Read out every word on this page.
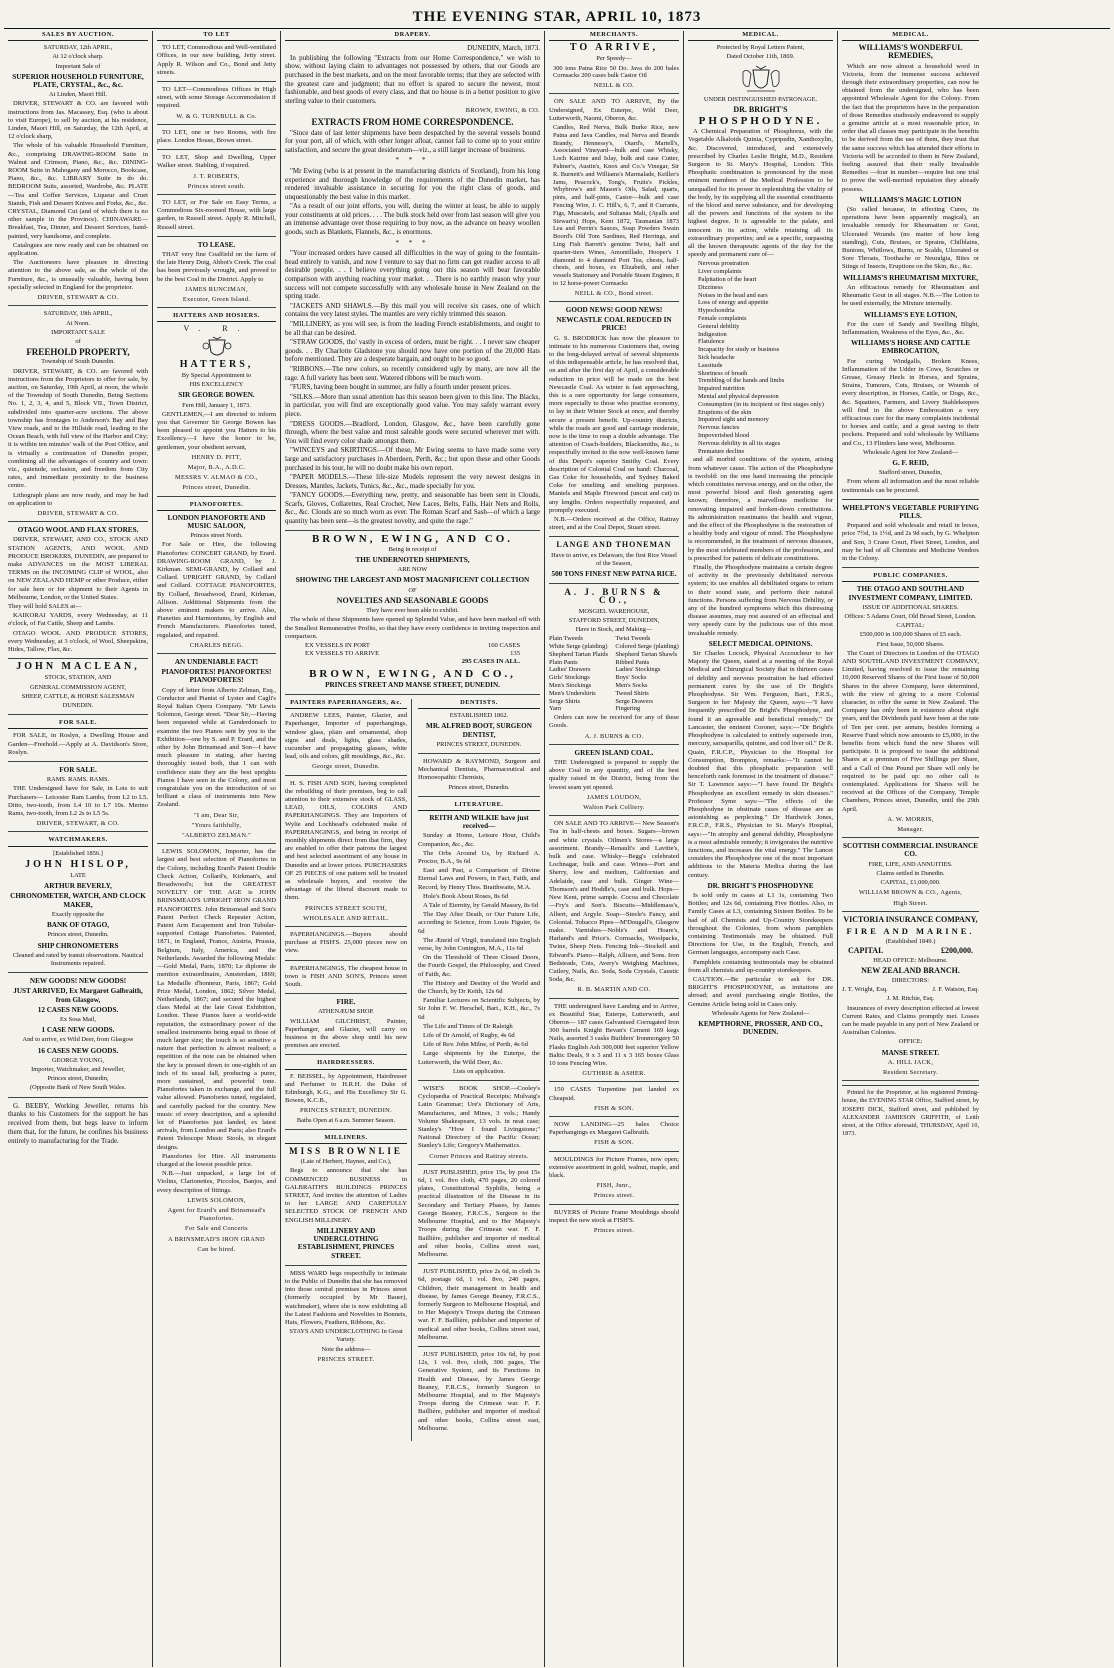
THE EVENING STAR, APRIL 10, 1873
SALES BY AUCTION.
SATURDAY, 12th APRIL,
At 12 o'clock sharp.
Important Sale of
SUPERIOR HOUSEHOLD FURNITURE, PLATE, CRYSTAL, &c., &c.
At Linden, Maori Hill.
DRIVER, STEWART & CO. are favored with instructions from Jas. Macassey, Esq. (who is about to visit Europe), to sell by auction, at his residence, Linden, Maori Hill, on Saturday, the 12th April, at 12 o'clock sharp,
The whole of his valuable Household Furniture, &c., comprising DRAWING-ROOM Suite in Walnut and Crimson, Piano, &c., &c. DINING-ROOM Suite in Mahogany and Morocco, Bookcase, Piano, &c., &c. LIBRARY Suite in do do. BEDROOM Suits, assorted, Wardrobe, &c. PLATE—Tea and Coffee Services, Liqueur and Cruet Stands, Fish and Dessert Knives and Forks, &c., &c. CRYSTAL, Diamond Cut (and of which there is no other sample in the Province). CHINAWARE—Breakfast, Tea, Dinner, and Dessert Services, hand-painted, very handsome, and complete.
Catalogues are now ready and can be obtained on application.
The Auctioneers have pleasure in directing attention to the above sale, as the whole of the Furniture, &c., is unusually valuable, having been specially selected in England for the proprietor.
DRIVER, STEWART & CO.
SATURDAY, 19th APRIL,
At Noon.
IMPORTANT SALE
of
FREEHOLD PROPERTY,
Township of South Dunedin.
DRIVER, STEWART, & CO. are favored with instructions from the Proprietors to offer for sale, by auction, on Saturday, 19th April, at noon, the whole of the Township of South Dunedin, Being Sections No. 1, 2, 3, 4, and 5, Block VII., Town District, subdivided into quarter-acre sections. The above township has frontages to Anderson's Bay and Bay View roads, and to the Hillside road, leading to the Ocean Beach, with full view of the Harbor and City; it is within ten minutes' walk of the Post Office, and is virtually a continuation of Dunedin proper, combining all the advantages of country and town: viz., quietude, seclusion, and freedom from City rates, and immediate proximity to the business centre.
Lithograph plans are now ready, and may be had on application to
DRIVER, STEWART & CO.
OTAGO WOOL AND FLAX STORES.
DRIVER, STEWART, AND CO., STOCK AND STATION AGENTS, AND WOOL AND PRODUCE BROKERS, DUNEDIN, are prepared to make ADVANCES on the MOST LIBERAL TERMS on the INCOMING CLIP of WOOL, also on NEW ZEALAND HEMP or other Produce, either for sale here or for shipment to their Agents in Melbourne, London, or the United States.
They will hold SALES at—
KAIKORAI YARDS, every Wednesday, at 11 o'clock, of Fat Cattle, Sheep and Lambs.
OTAGO WOOL AND PRODUCE STORES, every Wednesday, at 3 o'clock, of Wool, Sheepskins, Hides, Tallow, Flax, &c.
JOHN MACLEAN,
STOCK, STATION, AND
GENERAL COMMISSION AGENT,
SHEEP, CATTLE, & HORSE SALESMAN
DUNEDIN.
FOR SALE.
FOR SALE, in Roslyn, a Dwelling House and Garden—Freehold.—Apply at A. Davidson's Store, Roslyn.
FOR SALE.
RAMS. RAMS. RAMS.
THE Undersigned have for Sale, in Lots to suit Purchasers— Leicester Ram Lambs, from L2 to L5. Ditto, two-tooth, from L4 10 to L7 10s. Merino Rams, two-tooth, from L2 2s to L5 5s.
DRIVER, STEWART, & CO.
WATCHMAKERS.
[Established 1856.]
JOHN HISLOP,
LATE
ARTHUR BEVERLY,
CHRONOMETER, WATCH, AND CLOCK MAKER,
Exactly opposite the
BANK OF OTAGO,
Princes street, Dunedin.
SHIP CHRONOMETERS
Cleaned and rated by transit observations. Nautical Instruments repaired.
NEW GOODS! NEW GOODS!
JUST ARRIVED, Ex Margaret Galbraith, from Glasgow,
12 CASES NEW GOODS.
Ex Sosa Mail,
1 CASE NEW GOODS.
And to arrive, ex Wild Deer, from Glasgow
16 CASES NEW GOODS.
GEORGE YOUNG,
Importer, Watchmaker, and Jeweller,
Princes street, Dunedin,
(Opposite Bank of New South Wales.
G. BEEBY, Working Jeweller, returns his thanks to his Customers for the support he has received from them, but begs leave to inform them that, for the future, he confines his business entirely to manufacturing for the Trade.
TO LET
TO LET, Commodious and Well-ventilated Offices, in our new building, Jetty street. Apply R. Wilson and Co., Bond and Jetty streets.
TO LET—Commodious Offices in High street, with some Storage Accommodation if required.
W. & G. TURNBULL & Co.
TO LET, one or two Rooms, with fire place. London House, Brown street.
TO LET, Shop and Dwelling, Upper Walker street. Stabling, if required.
J. T. ROBERTS,
Princes street south.
TO LET, or For Sale on Easy Terms, a Commodious Six-roomed House, with large garden, in Russell street. Apply R. Mitchell, Russell street.
TO LEASE.
THAT very fine Coalfield on the farm of the late Henry Doig, Abbot's Creek. The coal has been previously wrought, and proved to be the best Coal in the District. Apply to
JAMES RUNCIMAN,
Executor, Green Island.
HATTERS AND HOSIERS.
V. R.
HATTERS,
By Special Appointment to
HIS EXCELLENCY
SIR GEORGE BOWEN.
Fern Hill, January 1, 1873.
GENTLEMEN,—I am directed to inform you that Governor Sir George Bowen has been pleased to appoint you Hatters to his Excellency.—I have the honor to be, gentlemen, your obedient servant,
HENRY D. PITT,
Major, B.A., A.D.C.
MESSRS V. ALMAO & CO.,
Princes street, Dunedin.
PIANOFORTES.
LONDON PIANOFORTE AND MUSIC SALOON,
Princes street North.
For Sale or Hire, the following Pianofortes: CONCERT GRAND, by Erard. DRAWING-ROOM GRAND, by J. Kirkman. SEMI-GRAND, by Collard and Collard. UPRIGHT GRAND, by Collard and Collard. COTTAGE PIANOFORTES, By Collard, Broadwood, Erard, Kirkman, Allison. Additional Shipments from the above eminent makers to arrive. Also, Pianettes and Harmoniums, by English and French Manufacturers. Pianofortes tuned, regulated, and repaired.
CHARLES BEGG.
AN UNDENIABLE FACT!
PIANOFORTES! PIANOFORTES! PIANOFORTES!
Copy of letter from Alberto Zelman, Esq., Conductor and Pianist of Lyster and Cagli's Royal Italian Opera Company. "Mr Lewis Solomon, George street. "Dear Sir,—Having been requested while at Ganderdonach to examine the two Pianos sent by you to the Exhibition—one by S. and P. Erard, and the other by John Brinsmead and Son—I have much pleasure in stating, after having thoroughly tested both, that I can with confidence state they are the best uprights Pianos I have seen in the Colony, and most congratulate you on the introduction of so brilliant a class of instruments into New Zealand.
"I am, Dear Sir,
"Yours faithfully,
"ALBERTO ZELMAN."
LEWIS SOLOMON, Importer, has the largest and best selection of Pianofortes in the Colony, including Erard's Patent Double Check Action, Collard's, Kirkman's, and Broadwood's; but the GREATEST NOVELTY OF THE AGE is JOHN BRINSMEAD'S UPRIGHT IRON GRAND PIANOFORTES. John Brinsmead and Son's Patent Perfect Check Repeater Action, Patent Arm Escapement and Iron Tubular-supported Cottage Pianofortes. Patented, 1871, in England, France, Austria, Prussia, Belgium, Italy, America, and the Netherlands. Awarded the following Medals:—Gold Medal, Paris, 1870; Le diplome de mention extraordinaire, Amsterdam, 1869; La Medaille d'honneur, Paris, 1867; Gold Prize Medal, London, 1862; Silver Medal, Netherlands, 1867; and secured the highest class Medal at the late Great Exhibition, London. These Pianos have a world-wide reputation, the extraordinary power of the smallest instruments being equal to those of much larger size; the touch is so sensitive a nature that perfection is almost realised; a repetition of the note can be obtained when the key is pressed down to one-eighth of an inch of its usual fall, producing a purer, more sustained, and powerful tone. Pianofortes taken in exchange, and the full value allowed. Pianofortes tuned, regulated, and carefully packed for the country. New music of every description, and a splendid lot of Pianofortes just landed, ex latest arrivals, from London and Paris; also Erard's Patent Telescope Music Stools, in elegant designs.
Pianofortes for Hire. All instruments charged at the lowest possible price.
N.B.—Just unpacked, a large lot of Violins, Clarionettes, Piccolos, Banjos, and every description of fittings.
LEWIS SOLOMON,
Agent for Erard's and Brinsmead's Pianofortes.
For Sale and Concerts
A BRINSMEAD'S IRON GRAND
Can be hired.
DRAPERY.
DUNEDIN, March, 1873.
In publishing the following "Extracts from our Home Correspondence," we wish to show, without laying claim to advantages not possessed by others, that our Goods are purchased in the best markets, and on the most favorable terms; that they are selected with the greatest care and judgment; that no effort is spared to secure the newest, most fashionable, and best goods of every class, and that no house is in a better position to give sterling value to their customers.
BROWN, EWING, & CO.
EXTRACTS FROM HOME CORRESPONDENCE.
"Since date of last letter shipments have been despatched by the several vessels bound for your port, all of which, with other longer afloat, cannot fail to come up to your entire satisfaction, and secure the great desideratum—viz., a still larger increase of business.
* * *
"Mr Ewing (who is at present in the manufacturing districts of Scotland), from his long experience and thorough knowledge of the requirements of the Dunedin market, has rendered invaluable assistance in securing for you the right class of goods, and unquestionably the best value in this market.
"As a result of our joint efforts, you will, during the winter at least, be able to supply your constituents at old prices. . . . The bulk stock held over from last season will give you an immense advantage over those requiring to buy now, as the advance on heavy woollen goods, such as Blankets, Flannels, &c., is enormous.
* * *
"Your increased orders have caused all difficulties in the way of going to the fountain-head entirely to vanish, and now I venture to say that no firm can get readier access to all desirable people. . . I believe everything going out this season will bear favorable comparison with anything reaching your market. . . There is no earthly reason why your success will not compete successfully with any wholesale house in New Zealand on the spring trade.
"JACKETS AND SHAWLS.—By this mail you will receive six cases, one of which contains the very latest styles. The mantles are very richly trimmed this season.
"MILLINERY, as you will see, is from the leading French establishments, and ought to be all that can be desired.
"STRAW GOODS, tho' vastly in excess of orders, must be right. . . I never saw cheaper goods. . . By Charlotte Gladstone you should now have one portion of the 20,000 Hats before mentioned. They are a desperate bargain, and ought to be so good.
"RIBBONS.—The new colors, so recently considered ugly by many, are now all the rage. A full variety has been sent. Watered ribbons will be much worn.
"FURS, having been bought in summer, are fully a fourth under present prices.
"SILKS.—More than usual attention has this season been given to this line. The Blacks, in particular, you will find are exceptionally good value. You may safely warrant every piece.
"DRESS GOODS.—Bradford, London, Glasgow, &c., have been carefully gone through, where the best value and most saleable goods were secured wherever met with. You will find every color shade amongst them.
"WINCEYS and SKIRTINGS.—Of these, Mr Ewing seems to have made some very large and satisfactory purchases in Aberdeen, Perth, &c.; but upon these and other Goods purchased in his tour, he will no doubt make his own report.
"PAPER MODELS.—These life-size Models represent the very newest designs in Dresses, Mantles, Jackets, Tunics, &c., &c., made specially for you.
"FANCY GOODS.—Everything new, pretty, and seasonable has been sent in Clouds, Scarfs, Gloves, Collarettes, Real Crochet, New Laces, Belts, Falls, Hair Nets and Rolls, &c., &c. Clouds are so much worn as ever. The Roman Scarf and Sash—of which a large quantity has been sent—is the greatest novelty, and quite the rage."
BROWN, EWING, AND CO.
Being in receipt of
THE UNDERNOTED SHIPMENTS,
ARE NOW
SHOWING THE LARGEST AND MOST MAGNIFICENT COLLECTION
OF
NOVELTIES AND SEASONABLE GOODS
They have ever been able to exhibit.
The whole of these Shipments have opened up Splendid Value, and have been marked off with the Smallest Remunerative Profits, so that they have every confidence in inviting inspection and comparison.
EX VESSELS IN PORT	160 CASES
EX VESSELS TO ARRIVE	135
295 CASES IN ALL.
BROWN, EWING, AND CO.,
PRINCES STREET AND MANSE STREET, DUNEDIN.
PAINTERS PAPERHANGERS, &c.
ANDREW LEES, Painter, Glazier, and Paperhanger, Importer of paperhangings, window glass, plain and ornamental, shop signs and deals, lights, glass shades, cucumber and propagating glasses, white lead, oils and colors, gilt mouldings, &c., &c.
George street, Dunedin.
H. S. FISH AND SON, having completed the rebuilding of their premises, beg to call attention to their extensive stock of GLASS, LEAD, OILS, COLORS AND PAPERHANGINGS. They are Importers of Wylie and Lochhead's celebrated make of PAPERHANGINGS, and being in receipt of monthly shipments direct from that firm, they are enabled to offer their patrons the largest and best selected assortment of any house in Dunedin and at lower prices. PURCHASERS OF 25 PIECES of one pattern will be treated as wholesale buyers, and receive the advantage of the liberal discount made to them.
PRINCES STREET SOUTH,
WHOLESALE AND RETAIL.
PAPERHANGINGS.—Buyers should purchase at FISH'S. 25,000 pieces now on view.
PAPERHANGINGS, The cheapest house in town is FISH AND SON'S, Princes street South.
FIRE.
ATHENÆUM SHOP.
WILLIAM GILCHRIST, Painter, Paperhanger, and Glazier, will carry on business in the above shop until his new premises are erected.
HAIRDRESSERS.
F. BEISSEL, by Appointment, Hairdresser and Perfumer to H.R.H. the Duke of Edinburgh, K.G., and His Excellency Sir G. Bowen, K.C.B.,
PRINCES STREET, DUNEDIN.
Baths Open at 6 a.m. Summer Season.
MILLINERS.
MISS BROWNLIE
(Late of Herbert, Haynes, and Co.),
Begs to announce that she has COMMENCED BUSINESS in GALBRAITH'S BUILDINGS PRINCES STREET, And invites the attention of Ladies to her LARGE AND CAREFULLY SELECTED STOCK OF FRENCH AND ENGLISH MILLINERY.
MILLINERY AND UNDERCLOTHING ESTABLISHMENT, PRINCES STREET.
MISS WARD begs respectfully to intimate to the Public of Dunedin that she has removed into those central premises in Princes street (formerly occupied by Mr Bauer), watchmaker), where she is now exhibiting all the Latest Fashions and Novelties in Bonnets, Hats, Flowers, Feathers, Ribbons, &c.
STAYS AND UNDERCLOTHING In Great Variety.
Note the address—
PRINCES STREET.
DENTISTS.
ESTABLISHED 1862.
MR. ALFRED BOOT, SURGEON DENTIST,
PRINCES STREET, DUNEDIN.
HOWARD & RAYMOND, Surgeon and Mechanical Dentists, Pharmaceutical and Homoeopathic Chemists,
Princes street, Dunedin.
LITERATURE.
REITH AND WILKIE have just received—
Sunday at Home, Leisure Hour, Child's Companion, &c., &c.
The Orbs Around Us, by Richard A. Proctor, B.A., 9s 6d
East and Past, a Comparison of Divine Eternal Laws and Powers, in Fact, Faith, and Record, by Henry Thos. Braithwaite, M.A.
Hole's Book About Roses, 8s 6d
A Tale of Eternity, by Gerald Massey, 8s 6d
The Day After Death, or Our Future Life, according to Science, from Louis Figuier, 6s 6d
The Æneid of Virgil, translated into English verse, by John Conington, M.A., 11s 6d
On the Threshold of Three Closed Doors, the Fourth Gospel, the Philosophy, and Creed of Faith, &c.
The History and Destiny of the World and the Church, by Dr Keith, 12s 6d
Familiar Lectures on Scientific Subjects, by Sir John F. W. Herschel, Bart., K.H., &c., 7s 6d
The Life and Times of Dr Raleigh
Life of Dr Arnold, of Rugby, 4s 6d
Life of Rev. John Milne, of Perth, 4s 6d
Large shipments by the Euterpe, the Lutterworth, the Wild Deer, &c.
Lists on application.
WISE'S BOOK SHOP.—Cooley's Cyclopædia of Practical Receipts; Mulvaig's Latin Grammar; Ure's Dictionary of Arts, Manufactures, and Mines, 3 vols.; Handy Volume Shakespeare, 13 vols. in neat case; Stanley's "How I found Livingstone;" National Directory of the Pacific Ocean; Stanley's Life; Gregory's Mathematics.
Corner Princes and Rattray streets.
JUST PUBLISHED, price 15s, by post 15s 6d, 1 vol. 8vo cloth, 470 pages, 20 colored plates, Constitutional Syphilis, being a practical illustration of the Disease in its Secondary and Tertiary Phases, by James George Beaney, F.R.C.S., Surgeon to the Melbourne Hospital, and to Her Majesty's Troops during the Crimean war. F. F. Baillière, publisher and importer of medical and other books, Collins street east, Melbourne.
JUST PUBLISHED, price 2s 6d, in cloth 3s 6d, postage 6d, 1 vol. 8vo, 240 pages, Children, their management in health and disease, by James George Beaney, F.R.C.S., formerly Surgeon to Melbourne Hospital, and to Her Majesty's Troops during the Crimean war. F. F. Baillière, publisher and importer of medical and other books, Collins street east, Melbourne.
JUST PUBLISHED, price 10s 6d, by post 12s, 1 vol. 8vo, cloth, 306 pages, The Generative System, and its Functions in Health and Disease, by James George Beaney, F.R.C.S., formerly Surgeon to Melbourne Hospital, and to Her Majesty's Troops during the Crimean war. F. F. Baillière, publisher and importer of medical and other books, Collins street east, Melbourne.
MERCHANTS.
TO ARRIVE,
Per Speedy—
300 tons Patna Rice 50 Do. Java do 200 bales Cornsacks 200 cases bulk Castor Oil
NEILL & CO.
ON SALE AND TO ARRIVE, By the Undersigned, Ex Euterpe, Wild Deer, Lutterworth, Naomi, Oberon, &c.
Candles, Red Nerva, Bulk Burke Rice, new Patna and Java Candles, real Nerva and Brands Brandy, Hennessy's, Otard's, Martell's, Associated Vineyard—bulk and case Whisky, Loch Katrine and Islay, bulk and case Cutter, Palmer's, Austin's, Knox and Co.'s Vinegar, Sir R. Burnett's and Williams's Marmalade, Keiller's Jams, Peacock's, Tong's, Fruits's Pickles, Whybrow's and Mason's Oils, Salad, quarts, pints, and half-pints, Castor—bulk and case Fencing Wire, J. C. Hill's, 6, 7, and 8 Currants, Figs, Muscatels, and Sultanas Malt, (Ayalls and Stewart's) Hops, Kent 1872, Tasmanian 1873 Lea and Perrin's Sauces, Soap Powders Swain Boord's Old Tom Sardines, Red Herrings, and Ling Fish Barrett's genuine Twist, half and quarter-tiers Wines, Amontillado, Hooper's 1 diamond to 4 diamond Port Tea, chests, half-chests, and boxes, ex Elizabeth, and other vessels Stationary and Portable Steam Engines, 8 to 12 horse-power Cornsacks
NEILL & CO., Bond street.
GOOD NEWS! GOOD NEWS!
NEWCASTLE COAL REDUCED IN PRICE!
G. S. BRODRICK has now the pleasure to intimate to his numerous Customers that, owing to the long-delayed arrival of several shipments of this indispensable article, he has resolved that, on and after the first day of April, a considerable reduction in price will be made on the best Newcastle Coal. As winter is fast approaching, this is a rare opportunity for large consumers, more especially to those who practise economy, to lay in their Winter Stock at once, and thereby secure a present benefit. Up-country districts, while the roads are good and carriage moderate, now is the time to reap a double advantage. The attention of Coach-builders, Blacksmiths, &c., is respectfully invited to the now well-known fame of this Depot's superior Smithy Coal. Every description of Colonial Coal on hand: Charcoal, Gas Coke for households, and Sydney Baked Coke for smelting and smelting purposes. Mantels and Maple Firewood (uncut and cut) in any lengths. Orders respectfully requested, and promptly executed.
N.B.—Orders received at the Office, Rattray street, and at the Coal Depot, Stuart street.
LANGE AND THONEMAN
Have to arrive, ex Delaware, the first Rice Vessel of the Season,
500 TONS FINEST NEW PATNA RICE.
A. J. BURNS & CO.,
MOSGIEL WAREHOUSE,
STAFFORD STREET, DUNEDIN,
Have in Stock, and Making—
Plain Tweeds
White Serge (plaiding)
Shepherd Tartan Plaids
Plain Pants
Ladies' Drawers
Girls' Stockings
Men's Stockings
Men's Undershirts
Serge Shirts
Yarn
Twist Tweeds
Colored Serge (plaiding)
Shepherd Tartan Shawls
Ribbed Pants
Ladies' Stockings
Boys' Socks
Men's Socks
Tweed Shirts
Serge Drawers
Fingering
Orders can now be received for any of these Goods.
A. J. BURNS & CO.
GREEN ISLAND COAL.
THE Undersigned is prepared to supply the above Coal in any quantity, and of the best quality raised in the District, being from the lowest seam yet opened.
JAMES LOUDON,
Walton Park Colliery.
ON SALE AND TO ARRIVE— New Season's Tea in half-chests and boxes. Sugars—brown and white crystals. Oilmen's Stores—a large assortment. Brandy—Renault's and Lavitte's, bulk and case. Whisky—Begg's celebrated Lochnagar, bulk and case. Wines—Port and Sherry, low and medium, Californian and Adelaide, case and bulk. Ginger Wine—Thomson's and Hoddle's, case and bulk. Hops—New Kent, prime sample. Cocoa and Chocolate—Fry's and Son's. Biscuits—Middlemass's, Albert, and Argyle. Soap—Steele's Fancy, and Colonial. Tobacco Pipes—M'Dougall's, Glasgow make. Varnishes—Noble's and Hoare's, Harland's and Price's. Cornsacks, Woolpacks, Twine, Sheep Nets. Fencing Ink—Stockell and Edward's. Piano—Ralph, Allison, and Sons. Iron Bedsteads, Cots, Avery's Weighing Machines, Cutlery, Nails, &c. Soda, Soda Crystals, Caustic Soda, &c.
R. B. MARTIN AND CO.
THE undersigned have Landing and to Arrive, ex Beautiful Star, Euterpe, Lutterworth, and Oberon— 187 cases Galvanised Corrugated Iron 300 barrels Knight Bevan's Cement 169 kegs Nails, assorted 3 casks Builders' Ironmongery 50 Flasks English Ash 300,000 feet superior Yellow Baltic Deals, 9 x 3 and 11 x 3 165 boxes Glass 10 tons Fencing Wire.
GUTHRIE & ASHER.
150 CASES Turpentine just landed ex Cheapsid.
FISH & SON.
NOW LANDING—25 bales Choice Paperhangings ex Margaret Galbraith.
FISH & SON.
MOULDINGS for Picture Frames, now open; extensive assortment in gold, walnut, maple, and black.
FISH, Junr.,
Princes street.
BUYERS of Picture Frame Mouldings should inspect the new stock at FISH'S.
Princes street.
MEDICAL.
Protected by Royal Letters Patent,
Dated October 11th, 1869.
UNDER DISTINGUISHED PATRONAGE.
DR. BRIGHT'S
PHOSPHODYNE.
A Chemical Preparation of Phosphorus, with the Vegetable Alkaloids Quinia, Cypripedin, Xanthoxylin, &c. Discovered, introduced, and extensively prescribed by Charles Leslie Bright, M.D., Resident Surgeon to St. Mary's Hospital, London. This Phosphatic combination is pronounced by the most eminent members of the Medical Profession to be unequalled for its power in replenishing the vitality of the body, by its supplying all the essential constituents of the blood and nerve substance, and for developing all the powers and functions of the system to the highest degree. It is agreeable to the palate, and innocent in its action, while retaining all its extraordinary properties; and as a specific, surpassing all the known therapeutic agents of the day for the speedy and permanent cure of—
Nervous prostration
Liver complaints
Palpitation of the heart
Dizziness
Noises in the head and ears
Loss of energy and appetite
Hypochondria
Female complaints
General debility
Indigestion
Flatulence
Incapacity for study or business
Sick headache
Lassitude
Shortness of breath
Trembling of the hands and limbs
Impaired nutrition
Mental and physical depression
Consumption (in its incipient or first stages only)
Eruptions of the skin
Impaired sight and memory
Nervous fancies
Impoverished blood
Nervous debility in all its stages
Premature decline
and all morbid conditions of the system, arising from whatever cause. The action of the Phosphodyne is twofold: on the one hand increasing the principle which constitutes nervous energy, and on the other, the most powerful blood and flesh generating agent known; therefore, a marvellous medicine for renovating impaired and broken-down constitutions. Its administration reanimates the health and vigour, and the effect of the Phosphodyne is the restoration of a healthy body and vigour of mind. The Phosphodyne is recommended, in the treatment of nervous diseases, by the most celebrated members of the profession, and is prescribed for patients of delicate constitutions.
Finally, the Phosphodyne maintains a certain degree of activity in the previously debilitated nervous system; its use enables all debilitated organs to return to their sound state, and perform their natural functions. Persons suffering from Nervous Debility, or any of the hundred symptoms which this distressing disease assumes, may rest assured of an effectual and very speedy cure by the judicious use of this most invaluable remedy.
SELECT MEDICAL OPINIONS.
Sir Charles Locock, Physical Accoucheur to her Majesty the Queen, stated at a meeting of the Royal Medical and Chirurgical Society that in thirteen cases of debility and nervous prostration he had effected permanent cures by the use of Dr Bright's Phosphodyne. Sir Wm. Ferguson, Bart., F.R.S., Surgeon to her Majesty the Queen, says:—"I have frequently prescribed Dr Bright's Phosphodyne, and found it an agreeable and beneficial remedy." Dr Lancaster, the eminent Coroner, says:—"Dr Bright's Phosphodyne is calculated to entirely supersede iron, mercury, sarsaparilla, quinine, and cod liver oil." Dr R. Quain, F.R.C.P., Physician to the Hospital for Consumption, Brompton, remarks:—"It cannot be doubted that this phosphatic preparation will henceforth rank foremost in the treatment of disease." Sir T. Lawrence says:—"I have found Dr Bright's Phosphodyne an excellent remedy in skin diseases." Professor Syme says:—"The effects of the Phosphodyne in obstinate cases of disease are as astonishing as perplexing." Dr Hardwick Jones, F.R.C.P., F.R.S., Physician to St. Mary's Hospital, says:—"In atrophy and general debility, Phosphodyne is a most admirable remedy; it invigorates the nutritive functions, and increases the vital energy." The Lancet considers the Phosphodyne one of the most important additions to the Materia Medica during the last century.
DR. BRIGHT'S PHOSPHODYNE
Is sold only in cases at L1 1s, containing Two Bottles; and 12s 6d, containing Five Bottles. Also, in Family Cases at L3, containing Sixteen Bottles. To be had of all Chemists and Up-Country Storekeepers throughout the Colonies, from whom pamphlets containing Testimonials may be obtained. Full Directions for Use, in the English, French, and German languages, accompany each Case.
Pamphlets containing testimonials may be obtained from all chemists and up-country storekeepers.
CAUTION.—Be particular to ask for DR. BRIGHT'S PHOSPHODYNE, as imitations are abroad; and avoid purchasing single Bottles, the Genuine Article being sold in Cases only.
Wholesale Agents for New Zealand—
KEMPTHORNE, PROSSER, AND CO., DUNEDIN.
MEDICAL.
WILLIAMS'S WONDERFUL REMEDIES,
Which are now almost a household word in Victoria, from the immense success achieved through their extraordinary properties, can now be obtained from the undersigned, who has been appointed Wholesale Agent for the Colony. From the fact that the proprietors have in the preparation of those Remedies studiously endeavored to supply a genuine article at a most reasonable price, in order that all classes may participate in the benefits to be derived from the use of them, they trust that the same success which has attended their efforts in Victoria will be accorded to them in New Zealand, feeling assured that their really Invaluable Remedies —four in number—require but one trial to prove the well-merited reputation they already possess.
WILLIAMS'S MAGIC LOTION
(So called because, in effecting Cures, its operations have been apparently magical), an invaluable remedy for Rheumatism or Gout, Ulcerated Wounds (no matter of how long standing), Cuts, Bruises, or Sprains, Chilblains, Bunions, Whitlows, Burns, or Scalds, Ulcerated or Sore Throats, Toothache or Neuralgia, Bites or Stings of Insects, Eruptions on the Skin, &c., &c.
WILLIAMS'S RHEUMATISM MIXTURE,
An efficacious remedy for Rheumatism and Rheumatic Gout in all stages. N.B.—The Lotion to be used externally, the Mixture internally.
WILLIAMS'S EYE LOTION,
For the cure of Sandy and Swelling Blight, Inflammation, Weakness of the Eyes, &c., &c.
WILLIAMS'S HORSE AND CATTLE EMBROCATION,
For curing Windgalls, Broken Knees, Inflammation of the Udder in Cows, Scratches or Grease, Greasy Heels in Horses, and Sprains, Strains, Tumours, Cuts, Bruises, or Wounds of every description, in Horses, Cattle, or Dogs, &c., &c. Squatters, Farmers, and Livery Stablekeepers will find in the above Embrocation a very efficacious cure for the many complaints incidental to horses and cattle, and a great saving to their pockets. Prepared and sold wholesale by Williams and Co., 13 Flinders lane west, Melbourne.
Wholesale Agent for New Zealand—
G. F. REID,
Stafford street, Dunedin,
From whom all information and the most reliable testimonials can be procured.
WHELPTON'S VEGETABLE PURIFYING PILLS.
Prepared and sold wholesale and retail in boxes, price 7½d, 1s 1½d, and 2s 9d each, by G. Whelpton and Son, 3 Crane Court, Fleet Street, London, and may be had of all Chemists and Medicine Vendors in the Colony.
PUBLIC COMPANIES.
THE OTAGO AND SOUTHLAND INVESTMENT COMPANY, LIMITED.
ISSUE OF ADDITIONAL SHARES.
Offices: 5 Adams Court, Old Broad Street, London.
CAPITAL:
£500,000 in 100,000 Shares of £5 each.
First Issue, 50,000 Shares.
The Court of Directors in London of the OTAGO AND SOUTHLAND INVESTMENT COMPANY, Limited, having resolved to issue the remaining 10,000 Reserved Shares of the First Issue of 50,000 Shares in the above Company, have determined, with the view of giving to a more Colonial character, to offer the same in New Zealand. The Company has only been in existence about eight years, and the Dividends paid have been at the rate of Ten per cent. per annum, besides forming a Reserve Fund which now amounts to £5,000, in the benefits from which fund the new Shares will participate. It is proposed to issue the additional Shares at a premium of Five Shillings per Share, and a Call of One Pound per Share will only be required to be paid up: no other call is contemplated. Applications for Shares will be received at the Offices of the Company, Temple Chambers, Princes street, Dunedin, until the 29th April.
A. W. MORRIS,
Manager.
SCOTTISH COMMERCIAL INSURANCE CO.
FIRE, LIFE, AND ANNUITIES.
Claims settled in Dunedin.
CAPITAL, £1,000,000.
WILLIAM BROWN & CO., Agents,
High Street.
VICTORIA INSURANCE COMPANY,
FIRE AND MARINE.
(Established 1849.)
CAPITAL	£200,000.
HEAD OFFICE: Melbourne.
NEW ZEALAND BRANCH.
DIRECTORS:
J. T. Wright, Esq.	J. F. Watson, Esq.
J. M. Ritchie, Esq.
Insurances of every description effected at lowest Current Rates, and Claims promptly met. Losses can be made payable in any port of New Zealand or Australian Colonies.
OFFICE:
MANSE STREET.
A. HILL JACK,
Resident Secretary.
Printed for the Proprietor, at his registered Printing-house, the EVENING STAR Office, Stafford street, by JOSEPH DICK, Stafford street, and published by ALEXANDER JAMIESON GRIFFITH, of Leith street, at the Office aforesaid, THURSDAY, April 10, 1873.
